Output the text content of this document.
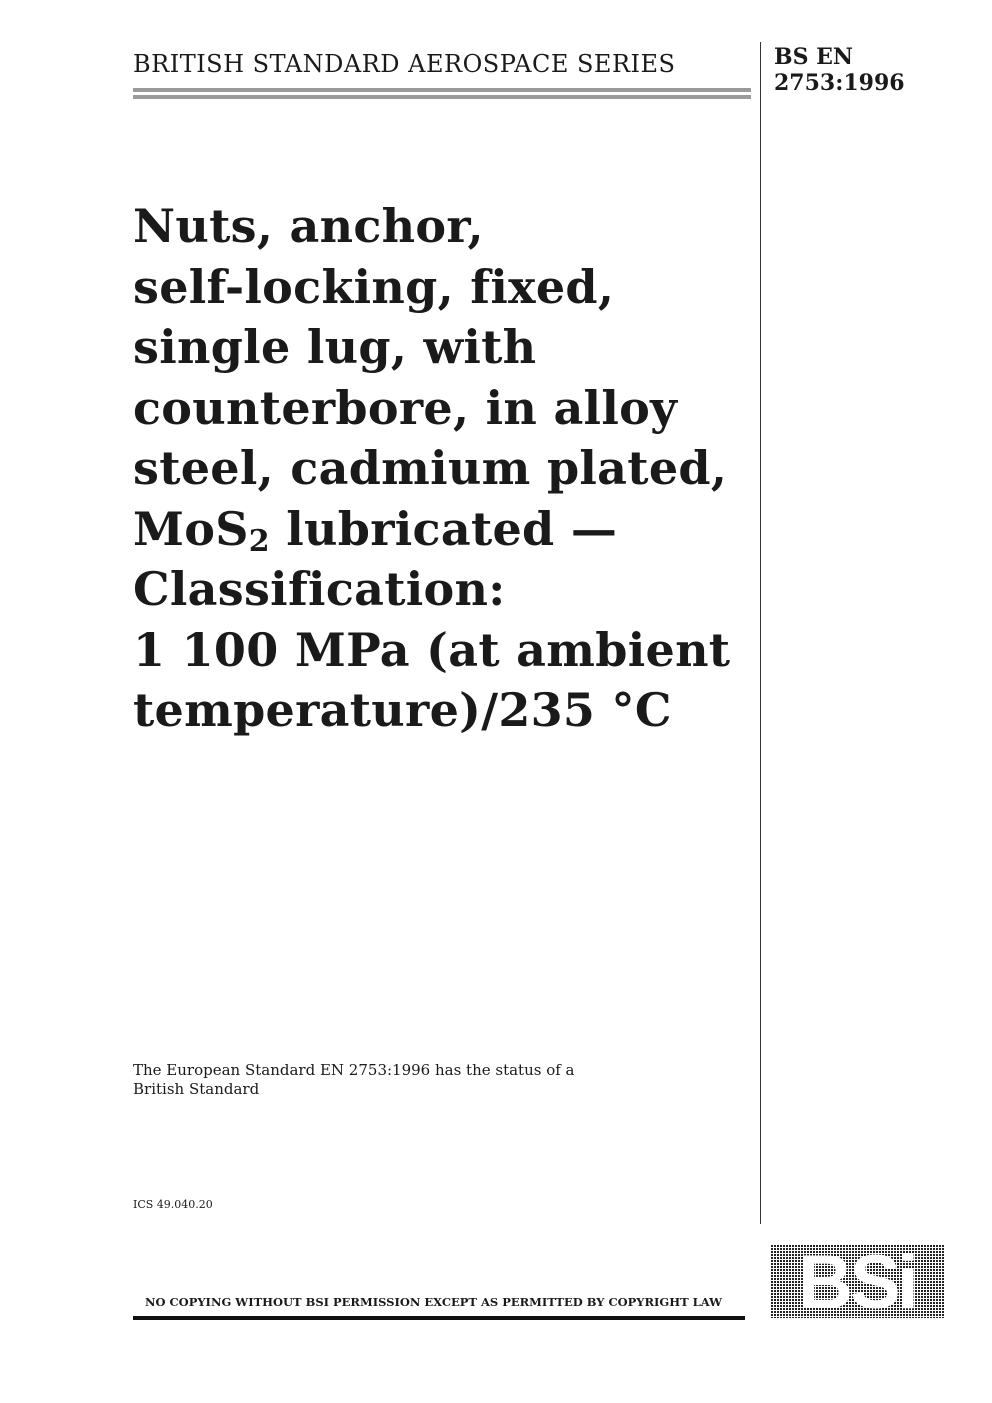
BRITISH STANDARD AEROSPACE SERIES	BS EN
2753:1996
Nuts, anchor,
self-locking, fixed,
single lug, with
counterbore, in alloy
steel, cadmium plated,
MoS$_2$ lubricated —
Classification:
1 100 MPa (at ambient
temperature)/235 °C
The European Standard EN 2753:1996 has the status of a
British Standard
ICS 49.040.20
NO COPYING WITHOUT BSI PERMISSION EXCEPT AS PERMITTED BY COPYRIGHT LAW	BSi
